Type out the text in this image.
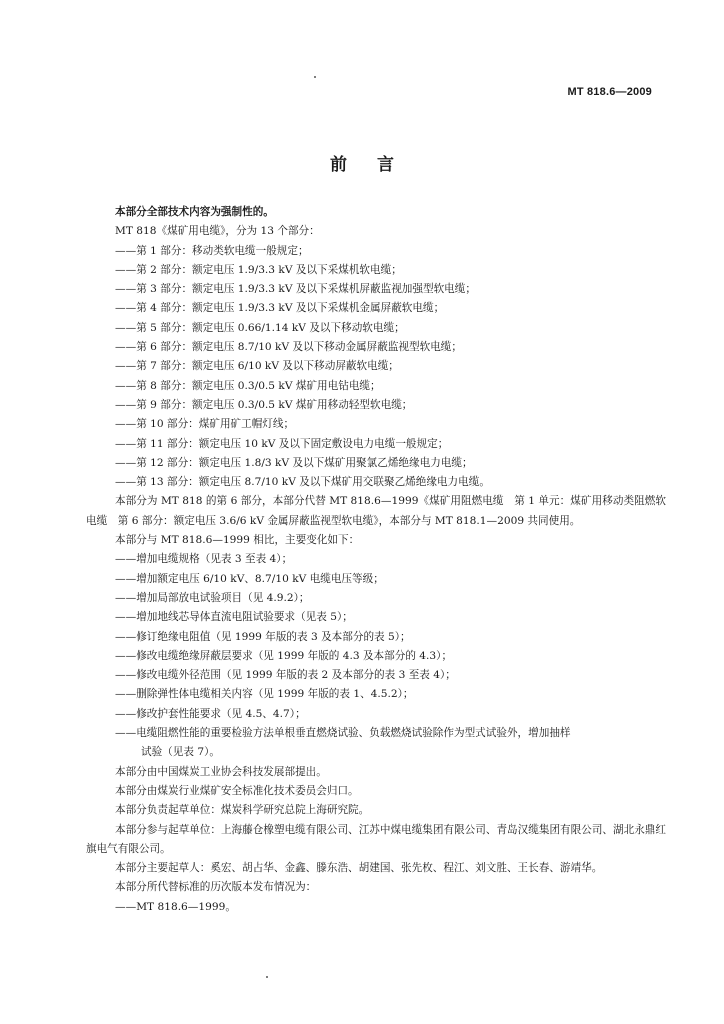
MT 818.6—2009
前言

本部分全部技术内容为强制性的。

MT 818《煤矿用电缆》，分为 13 个部分：

——第 1 部分：移动类软电缆一般规定；

——第 2 部分：额定电压 1.9/3.3 kV 及以下采煤机软电缆；

——第 3 部分：额定电压 1.9/3.3 kV 及以下采煤机屏蔽监视加强型软电缆；

——第 4 部分：额定电压 1.9/3.3 kV 及以下采煤机金属屏蔽软电缆；

——第 5 部分：额定电压 0.66/1.14 kV 及以下移动软电缆；

——第 6 部分：额定电压 8.7/10 kV 及以下移动金属屏蔽监视型软电缆；

——第 7 部分：额定电压 6/10 kV 及以下移动屏蔽软电缆；

——第 8 部分：额定电压 0.3/0.5 kV 煤矿用电钻电缆；

——第 9 部分：额定电压 0.3/0.5 kV 煤矿用移动轻型软电缆；

——第 10 部分：煤矿用矿工帽灯线；

——第 11 部分：额定电压 10 kV 及以下固定敷设电力电缆一般规定；

——第 12 部分：额定电压 1.8/3 kV 及以下煤矿用聚氯乙烯绝缘电力电缆；

——第 13 部分：额定电压 8.7/10 kV 及以下煤矿用交联聚乙烯绝缘电力电缆。

本部分为 MT 818 的第 6 部分，本部分代替 MT 818.6—1999《煤矿用阻燃电缆　第 1 单元：煤矿用移动类阻燃软电缆　第 6 部分：额定电压 3.6/6 kV 金属屏蔽监视型软电缆》，本部分与 MT 818.1—2009 共同使用。

本部分与 MT 818.6—1999 相比，主要变化如下：

——增加电缆规格（见表 3 至表 4）；

——增加额定电压 6/10 kV、8.7/10 kV 电缆电压等级；

——增加局部放电试验项目（见 4.9.2）；

——增加地线芯导体直流电阻试验要求（见表 5）；

——修订绝缘电阻值（见 1999 年版的表 3 及本部分的表 5）；

——修改电缆绝缘屏蔽层要求（见 1999 年版的 4.3 及本部分的 4.3）；

——修改电缆外径范围（见 1999 年版的表 2 及本部分的表 3 至表 4）；

——删除弹性体电缆相关内容（见 1999 年版的表 1、4.5.2）；

——修改护套性能要求（见 4.5、4.7）；

——电缆阻燃性能的重要检验方法单根垂直燃烧试验、负载燃烧试验除作为型式试验外，增加抽样
试验（见表 7）。

本部分由中国煤炭工业协会科技发展部提出。

本部分由煤炭行业煤矿安全标准化技术委员会归口。

本部分负责起草单位：煤炭科学研究总院上海研究院。

本部分参与起草单位：上海藤仓橡塑电缆有限公司、江苏中煤电缆集团有限公司、青岛汉缆集团有限公司、湖北永鼎红旗电气有限公司。

本部分主要起草人：奚宏、胡占华、金鑫、滕东浩、胡建国、张先枚、程江、刘文胜、王长春、游靖华。

本部分所代替标准的历次版本发布情况为：

——MT 818.6—1999。
